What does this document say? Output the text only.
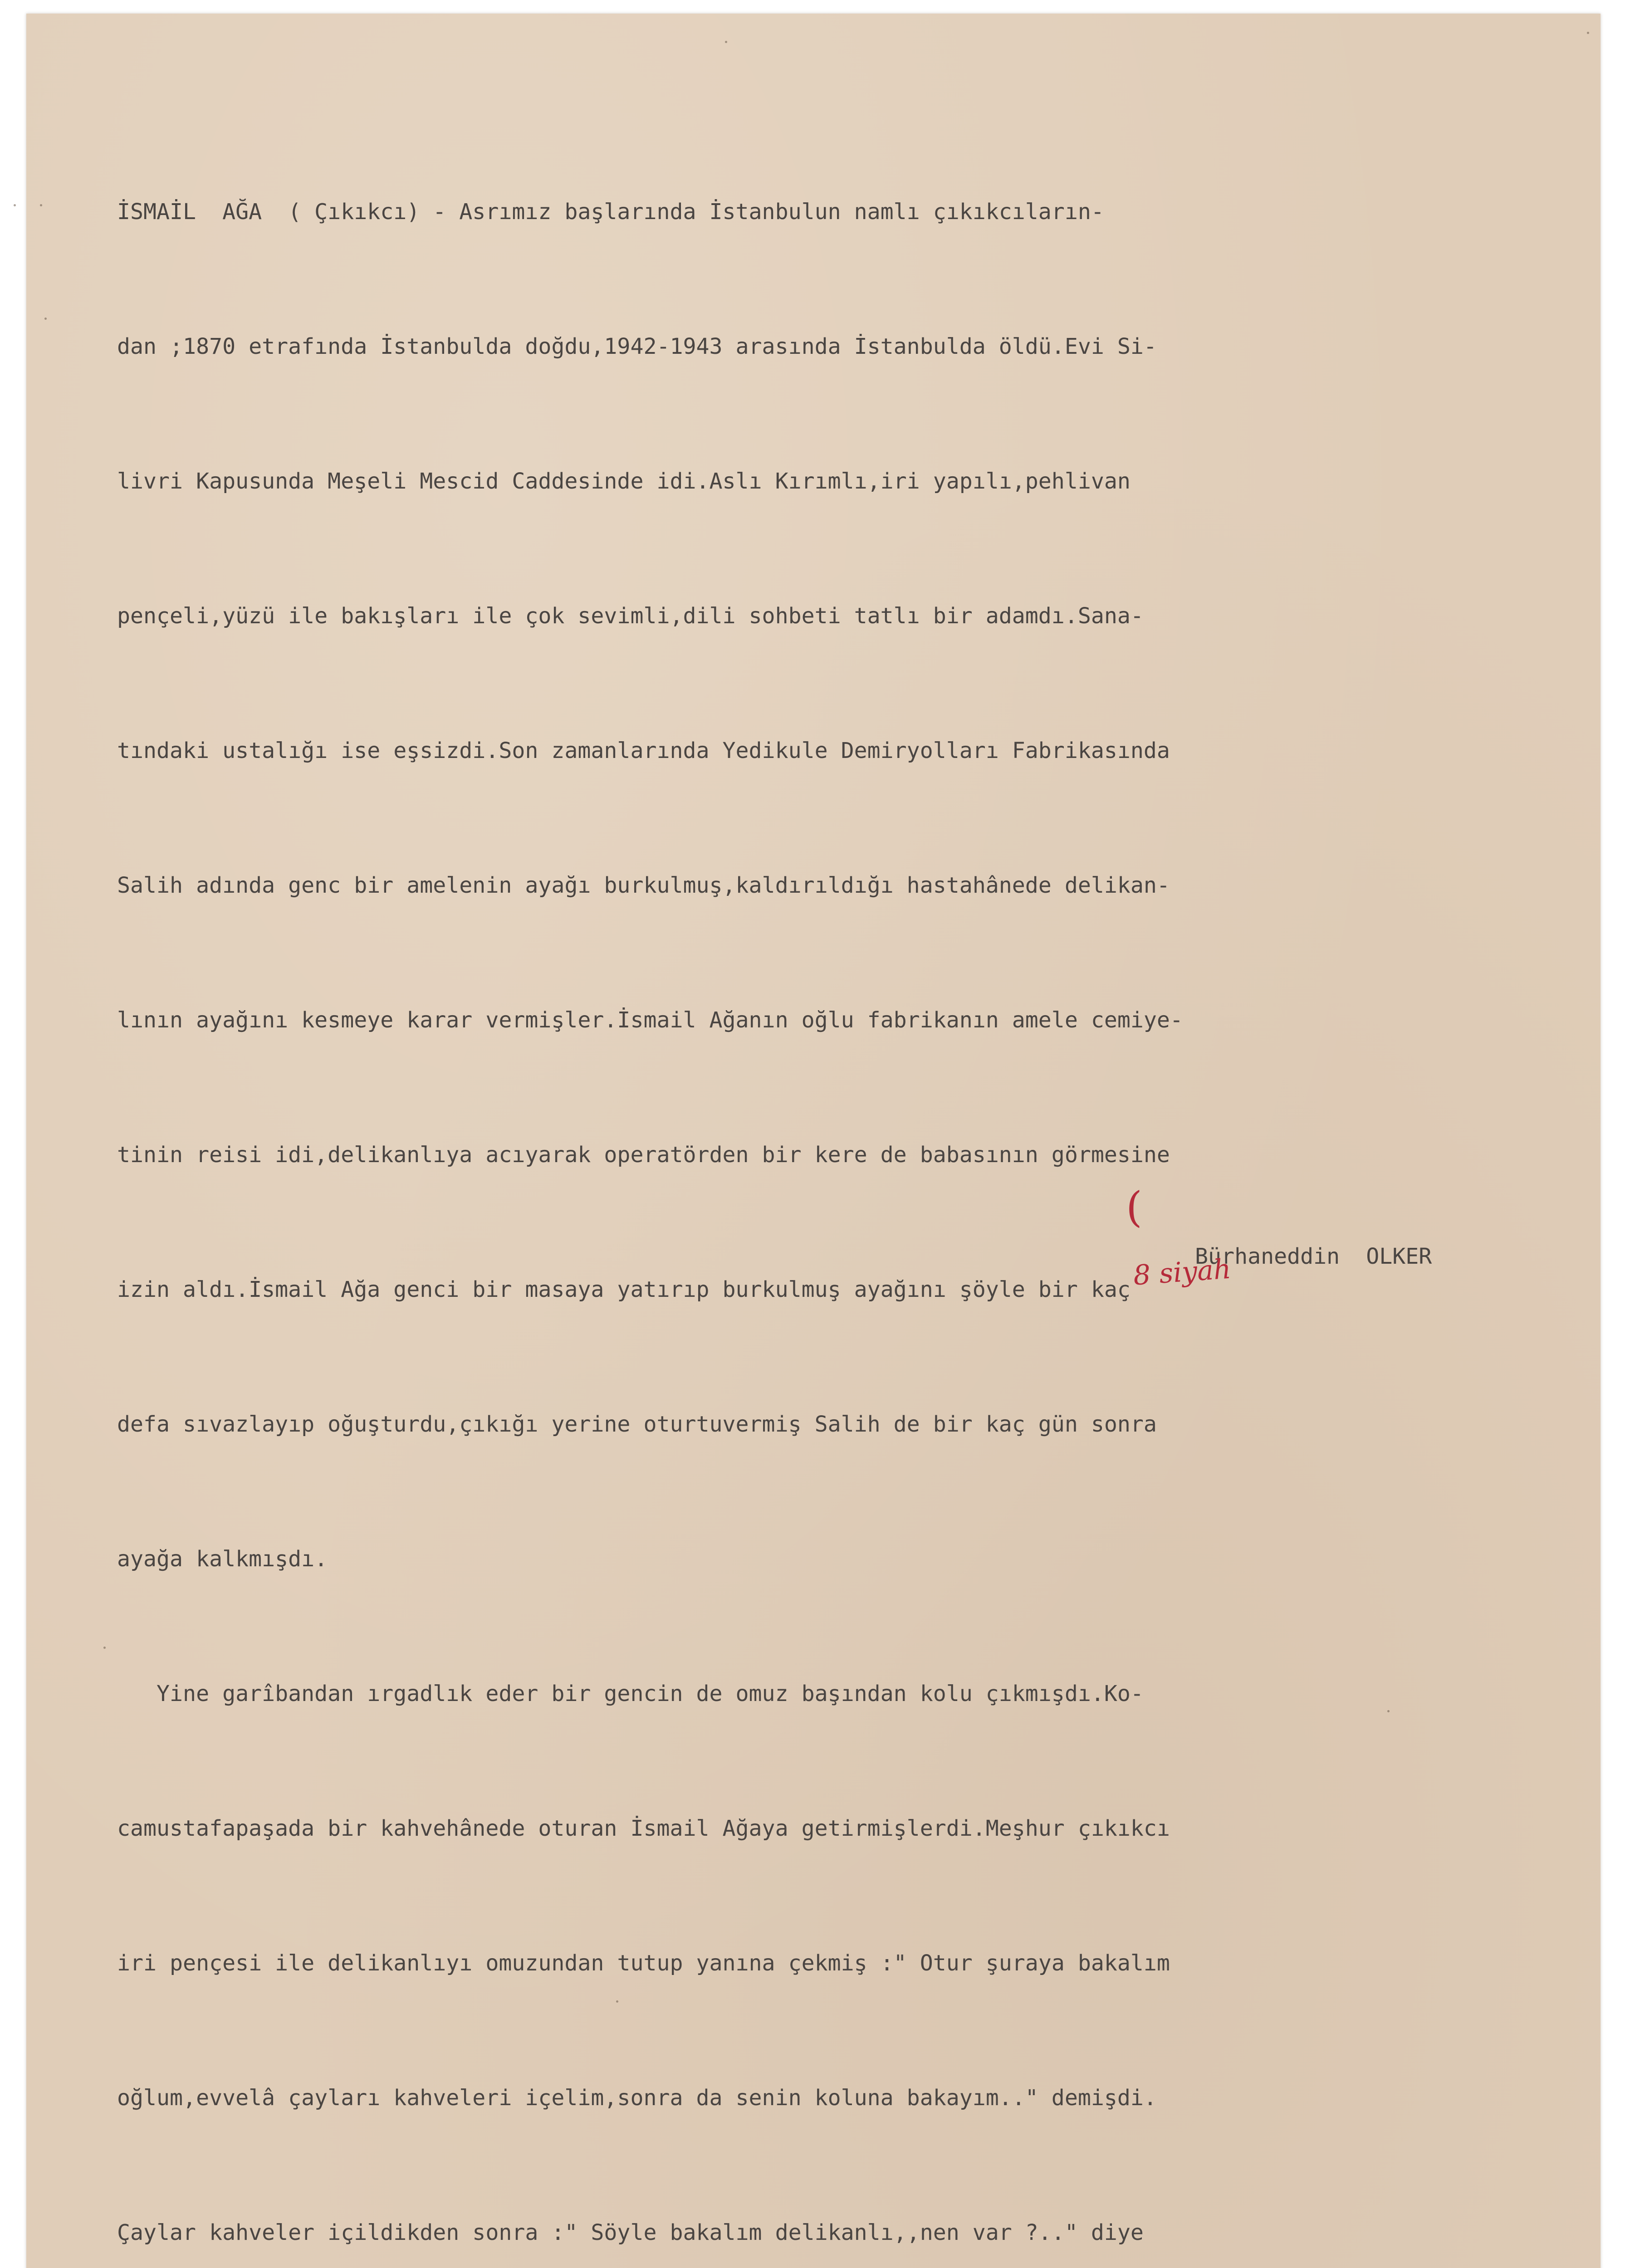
İSMAİL  AĞA  ( Çıkıkcı) - Asrımız başlarında İstanbulun namlı çıkıkcıların-

dan ;1870 etrafında İstanbulda doğdu,1942-1943 arasında İstanbulda öldü.Evi Si-

livri Kapusunda Meşeli Mescid Caddesinde idi.Aslı Kırımlı,iri yapılı,pehlivan

pençeli,yüzü ile bakışları ile çok sevimli,dili sohbeti tatlı bir adamdı.Sana-

tındaki ustalığı ise eşsizdi.Son zamanlarında Yedikule Demiryolları Fabrikasında

Salih adında genc bir amelenin ayağı burkulmuş,kaldırıldığı hastahânede delikan-

lının ayağını kesmeye karar vermişler.İsmail Ağanın oğlu fabrikanın amele cemiye-

tinin reisi idi,delikanlıya acıyarak operatörden bir kere de babasının görmesine

izin aldı.İsmail Ağa genci bir masaya yatırıp burkulmuş ayağını şöyle bir kaç

defa sıvazlayıp oğuşturdu,çıkığı yerine oturtuvermiş Salih de bir kaç gün sonra

ayağa kalkmışdı.

Yine garîbandan ırgadlık eder bir gencin de omuz başından kolu çıkmışdı.Ko-

camustafapaşada bir kahvehânede oturan İsmail Ağaya getirmişlerdi.Meşhur çıkıkcı

iri pençesi ile delikanlıyı omuzundan tutup yanına çekmiş :" Otur şuraya bakalım

oğlum,evvelâ çayları kahveleri içelim,sonra da senin koluna bakayım.." demişdi.

Çaylar kahveler içildikden sonra :" Söyle bakalım delikanlı,,nen var ?.." diye

(

Bürhaneddin  OLKER

8 siyah
